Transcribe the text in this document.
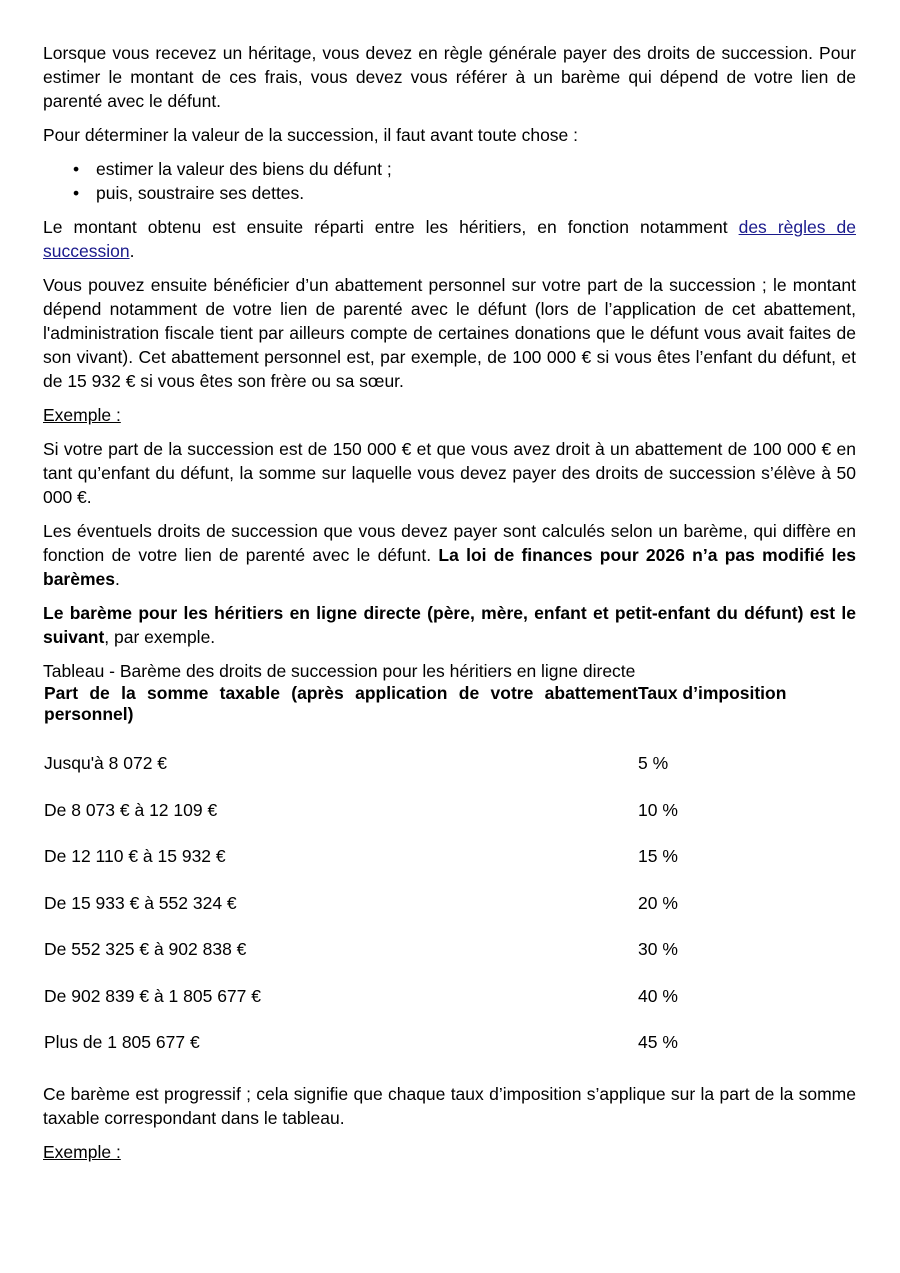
Lorsque vous recevez un héritage, vous devez en règle générale payer des droits de succession. Pour estimer le montant de ces frais, vous devez vous référer à un barème qui dépend de votre lien de parenté avec le défunt.

Pour déterminer la valeur de la succession, il faut avant toute chose :

• estimer la valeur des biens du défunt ;
• puis, soustraire ses dettes.

Le montant obtenu est ensuite réparti entre les héritiers, en fonction notamment des règles de succession.

Vous pouvez ensuite bénéficier d’un abattement personnel sur votre part de la succession ; le montant dépend notamment de votre lien de parenté avec le défunt (lors de l’application de cet abattement, l'administration fiscale tient par ailleurs compte de certaines donations que le défunt vous avait faites de son vivant). Cet abattement personnel est, par exemple, de 100 000 € si vous êtes l’enfant du défunt, et de 15 932 € si vous êtes son frère ou sa sœur.

Exemple :

Si votre part de la succession est de 150 000 € et que vous avez droit à un abattement de 100 000 € en tant qu’enfant du défunt, la somme sur laquelle vous devez payer des droits de succession s’élève à 50 000 €.

Les éventuels droits de succession que vous devez payer sont calculés selon un barème, qui diffère en fonction de votre lien de parenté avec le défunt. La loi de finances pour 2026 n’a pas modifié les barèmes.

Le barème pour les héritiers en ligne directe (père, mère, enfant et petit-enfant du défunt) est le suivant, par exemple.

Tableau - Barème des droits de succession pour les héritiers en ligne directe

Part de la somme taxable (après application de votre abattement personnel)	Taux d’imposition
Jusqu'à 8 072 €	5 %
De 8 073 € à 12 109 €	10 %
De 12 110 € à 15 932 €	15 %
De 15 933 € à 552 324 €	20 %
De 552 325 € à 902 838 €	30 %
De 902 839 € à 1 805 677 €	40 %
Plus de 1 805 677 €	45 %

Ce barème est progressif ; cela signifie que chaque taux d’imposition s’applique sur la part de la somme taxable correspondant dans le tableau.

Exemple :
